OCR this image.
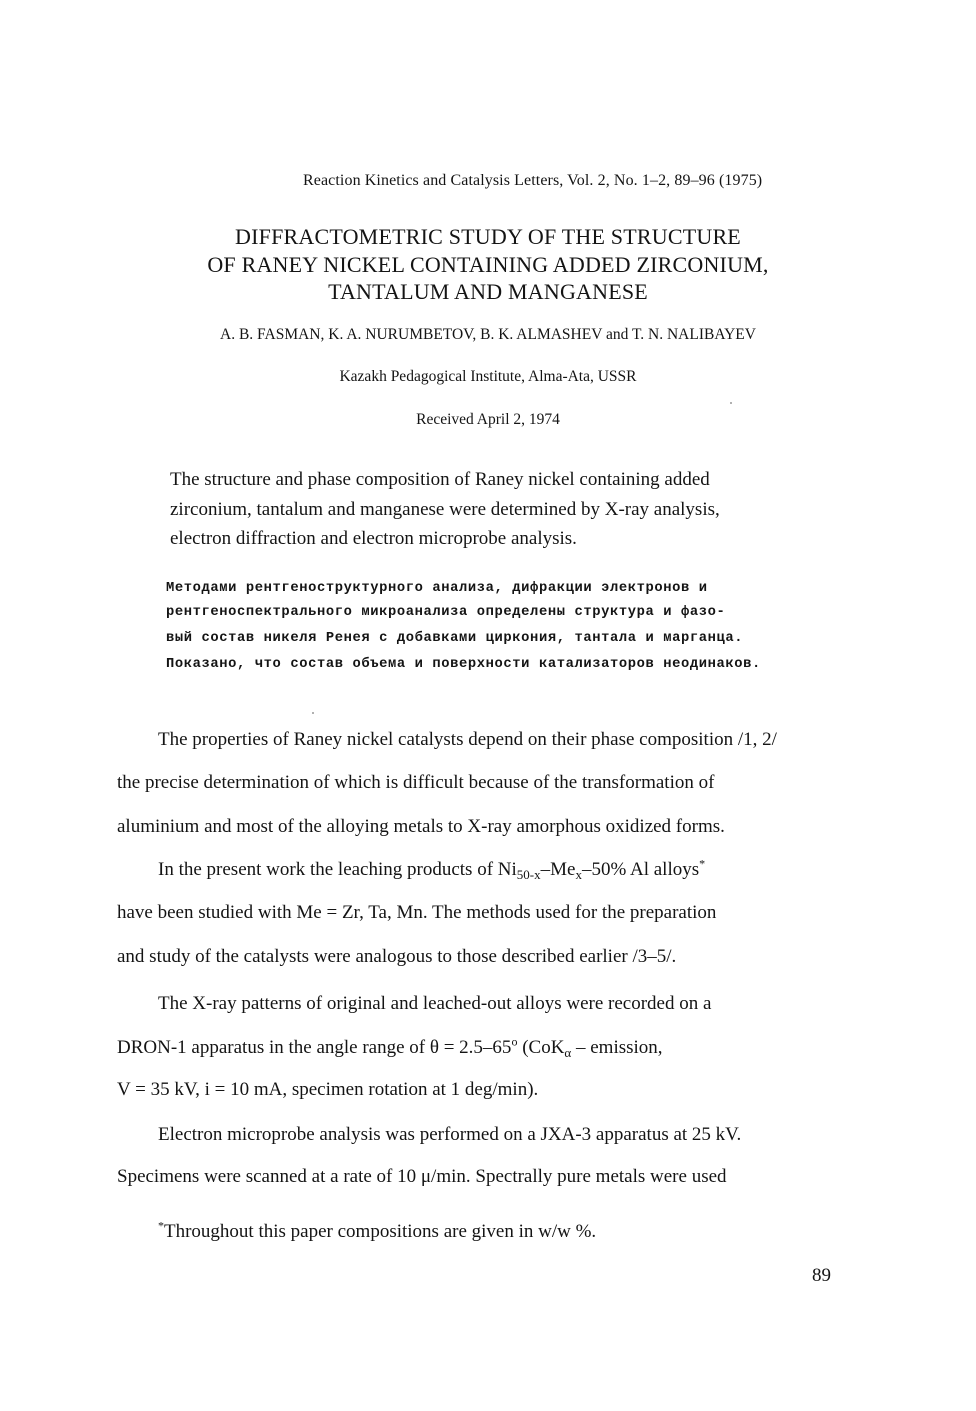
Reaction Kinetics and Catalysis Letters, Vol. 2, No. 1–2, 89–96 (1975)
DIFFRACTOMETRIC STUDY OF THE STRUCTURE
OF RANEY NICKEL CONTAINING ADDED ZIRCONIUM,
TANTALUM AND MANGANESE
A. B. FASMAN, K. A. NURUMBETOV, B. K. ALMASHEV and T. N. NALIBAYEV
Kazakh Pedagogical Institute, Alma-Ata, USSR
Received April 2, 1974
The structure and phase composition of Raney nickel containing added
zirconium, tantalum and manganese were determined by X-ray analysis,
electron diffraction and electron microprobe analysis.
Методами рентгеноструктурного анализа, дифракции электронов и
рентгеноспектрального микроанализа определены структура и фазо-
вый состав никеля Ренея с добавками циркония, тантала и марганца.
Показано, что состав объема и поверхности катализаторов неодинаков.
The properties of Raney nickel catalysts depend on their phase composition /1, 2/
the precise determination of which is difficult because of the transformation of
aluminium and most of the alloying metals to X-ray amorphous oxidized forms.
In the present work the leaching products of $Ni_{50-x}-Me_x-50\%$ Al alloys*
have been studied with Me = Zr, Ta, Mn. The methods used for the preparation
and study of the catalysts were analogous to those described earlier /3–5/.
The X-ray patterns of original and leached-out alloys were recorded on a
DRON-1 apparatus in the angle range of $\theta = 2.5-65^o$ (CoK$_\alpha$ – emission,
V = 35 kV, i = 10 mA, specimen rotation at 1 deg/min).
Electron microprobe analysis was performed on a JXA-3 apparatus at 25 kV.
Specimens were scanned at a rate of 10 μ/min. Spectrally pure metals were used
*Throughout this paper compositions are given in w/w %.
89
